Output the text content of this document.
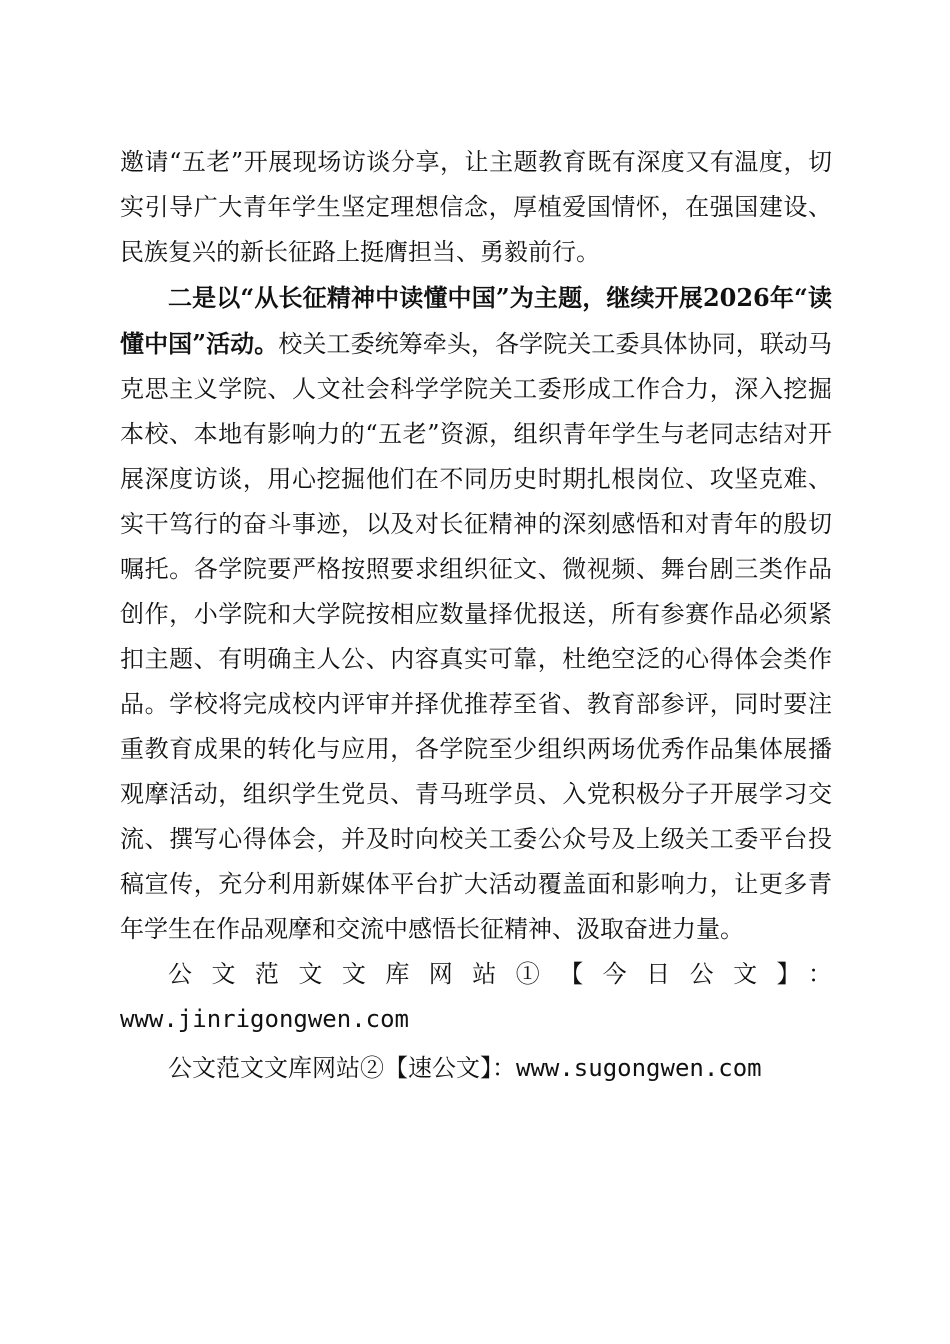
邀请“五老”开展现场访谈分享，让主题教育既有深度又有温度，切实引导广大青年学生坚定理想信念，厚植爱国情怀，在强国建设、民族复兴的新长征路上挺膺担当、勇毅前行。

二是以“从长征精神中读懂中国”为主题，继续开展2026年“读懂中国”活动。校关工委统筹牵头，各学院关工委具体协同，联动马克思主义学院、人文社会科学学院关工委形成工作合力，深入挖掘本校、本地有影响力的“五老”资源，组织青年学生与老同志结对开展深度访谈，用心挖掘他们在不同历史时期扎根岗位、攻坚克难、实干笃行的奋斗事迹，以及对长征精神的深刻感悟和对青年的殷切嘱托。各学院要严格按照要求组织征文、微视频、舞台剧三类作品创作，小学院和大学院按相应数量择优报送，所有参赛作品必须紧扣主题、有明确主人公、内容真实可靠，杜绝空泛的心得体会类作品。学校将完成校内评审并择优推荐至省、教育部参评，同时要注重教育成果的转化与应用，各学院至少组织两场优秀作品集体展播观摩活动，组织学生党员、青马班学员、入党积极分子开展学习交流、撰写心得体会，并及时向校关工委公众号及上级关工委平台投稿宣传，充分利用新媒体平台扩大活动覆盖面和影响力，让更多青年学生在作品观摩和交流中感悟长征精神、汲取奋进力量。

公文范文文库网站①【今日公文】：

www.jinrigongwen.com

公文范文文库网站②【速公文】：www.sugongwen.com
